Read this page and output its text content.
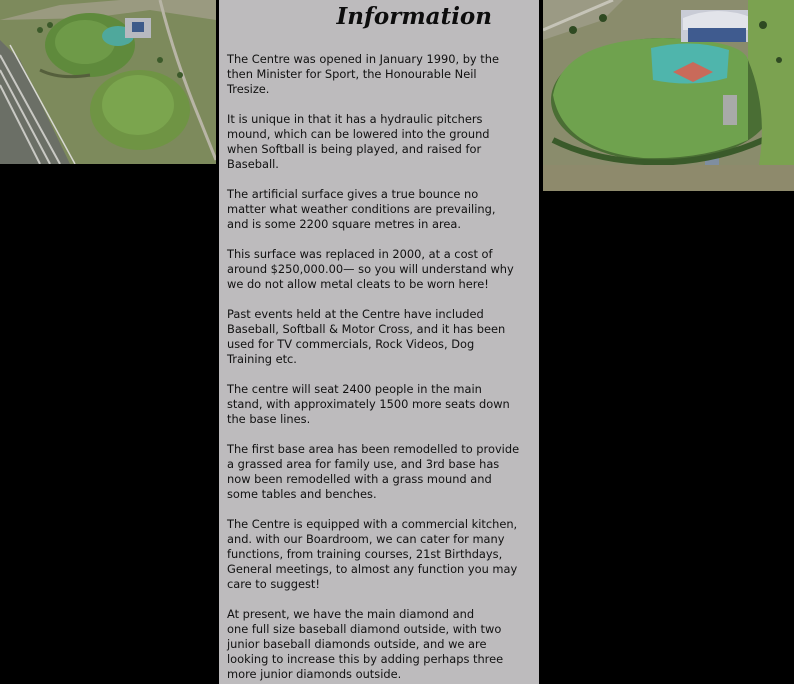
Information

The Centre was opened in January 1990, by the
then Minister for Sport, the Honourable Neil
Tresize.

It is unique in that it has a hydraulic pitchers
mound, which can be lowered into the ground
when Softball is being played, and raised for
Baseball.

The artificial surface gives a true bounce no
matter what weather conditions are prevailing,
and is some 2200 square metres in area.

This surface was replaced in 2000, at a cost of
around $250,000.00— so you will understand why
we do not allow metal cleats to be worn here!

Past events held at the Centre have included
Baseball, Softball & Motor Cross, and it has been
used for TV commercials, Rock Videos, Dog
Training etc.

The centre will seat 2400 people in the main
stand, with approximately 1500 more seats down
the base lines.

The first base area has been remodelled to provide
a grassed area for family use, and 3rd base has
now been remodelled with a grass mound and
some tables and benches.

The Centre is equipped with a commercial kitchen,
and. with our Boardroom, we can cater for many
functions, from training courses, 21st Birthdays,
General meetings, to almost any function you may
care to suggest!

At present, we have the main diamond and
one full size baseball diamond outside, with two
junior baseball diamonds outside, and we are
looking to increase this by adding perhaps three
more junior diamonds outside.
